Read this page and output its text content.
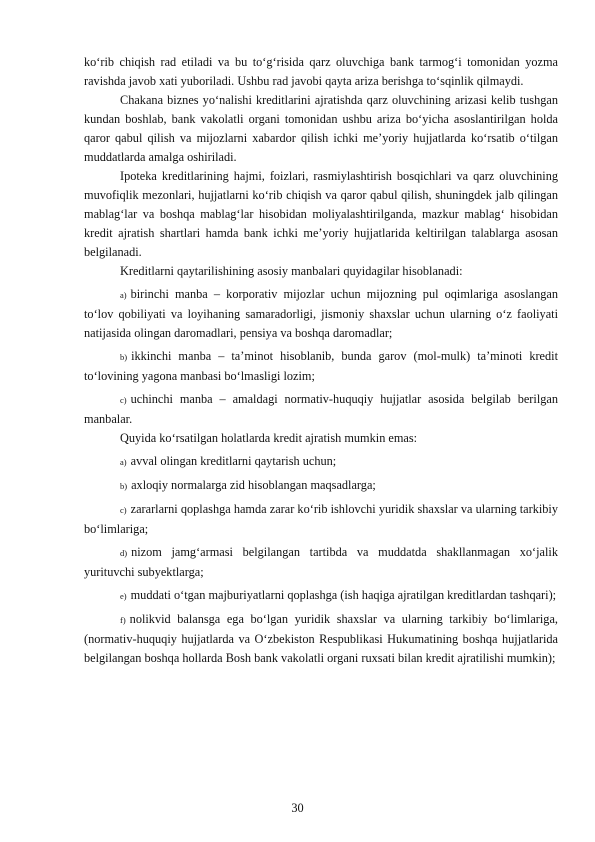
ko‘rib chiqish rad etiladi va bu to‘g‘risida qarz oluvchiga bank tarmog‘i tomonidan yozma ravishda javob xati yuboriladi. Ushbu rad javobi qayta ariza berishga to‘sqinlik qilmaydi.

Chakana biznes yo‘nalishi kreditlarini ajratishda qarz oluvchining arizasi kelib tushgan kundan boshlab, bank vakolatli organi tomonidan ushbu ariza bo‘yicha asoslantirilgan holda qaror qabul qilish va mijozlarni xabardor qilish ichki me’yoriy hujjatlarda ko‘rsatib o‘tilgan muddatlarda amalga oshiriladi.

Ipoteka kreditlarining hajmi, foizlari, rasmiylashtirish bosqichlari va qarz oluvchining muvofiqlik mezonlari, hujjatlarni ko‘rib chiqish va qaror qabul qilish, shuningdek jalb qilingan mablag‘lar va boshqa mablag‘lar hisobidan moliyalashtirilganda, mazkur mablag‘ hisobidan kredit ajratish shartlari hamda bank ichki me’yoriy hujjatlarida keltirilgan talablarga asosan belgilanadi.

Kreditlarni qaytarilishining asosiy manbalari quyidagilar hisoblanadi:

a) birinchi manba – korporativ mijozlar uchun mijozning pul oqimlariga asoslangan to‘lov qobiliyati va loyihaning samaradorligi, jismoniy shaxslar uchun ularning o‘z faoliyati natijasida olingan daromadlari, pensiya va boshqa daromadlar;

b) ikkinchi manba – ta’minot hisoblanib, bunda garov (mol-mulk) ta’minoti kredit to‘lovining yagona manbasi bo‘lmasligi lozim;

c) uchinchi manba – amaldagi normativ-huquqiy hujjatlar asosida belgilab berilgan manbalar.

Quyida ko‘rsatilgan holatlarda kredit ajratish mumkin emas:

a) avval olingan kreditlarni qaytarish uchun;

b) axloqiy normalarga zid hisoblangan maqsadlarga;

c) zararlarni qoplashga hamda zarar ko‘rib ishlovchi yuridik shaxslar va ularning tarkibiy bo‘limlariga;

d) nizom jamg‘armasi belgilangan tartibda va muddatda shakllanmagan xo‘jalik yurituvchi subyektlarga;

e) muddati o‘tgan majburiyatlarni qoplashga (ish haqiga ajratilgan kreditlardan tashqari);

f) nolikvid balansga ega bo‘lgan yuridik shaxslar va ularning tarkibiy bo‘limlariga, (normativ-huquqiy hujjatlarda va O‘zbekiston Respublikasi Hukumatining boshqa hujjatlarida belgilangan boshqa hollarda Bosh bank vakolatli organi ruxsati bilan kredit ajratilishi mumkin);

30
